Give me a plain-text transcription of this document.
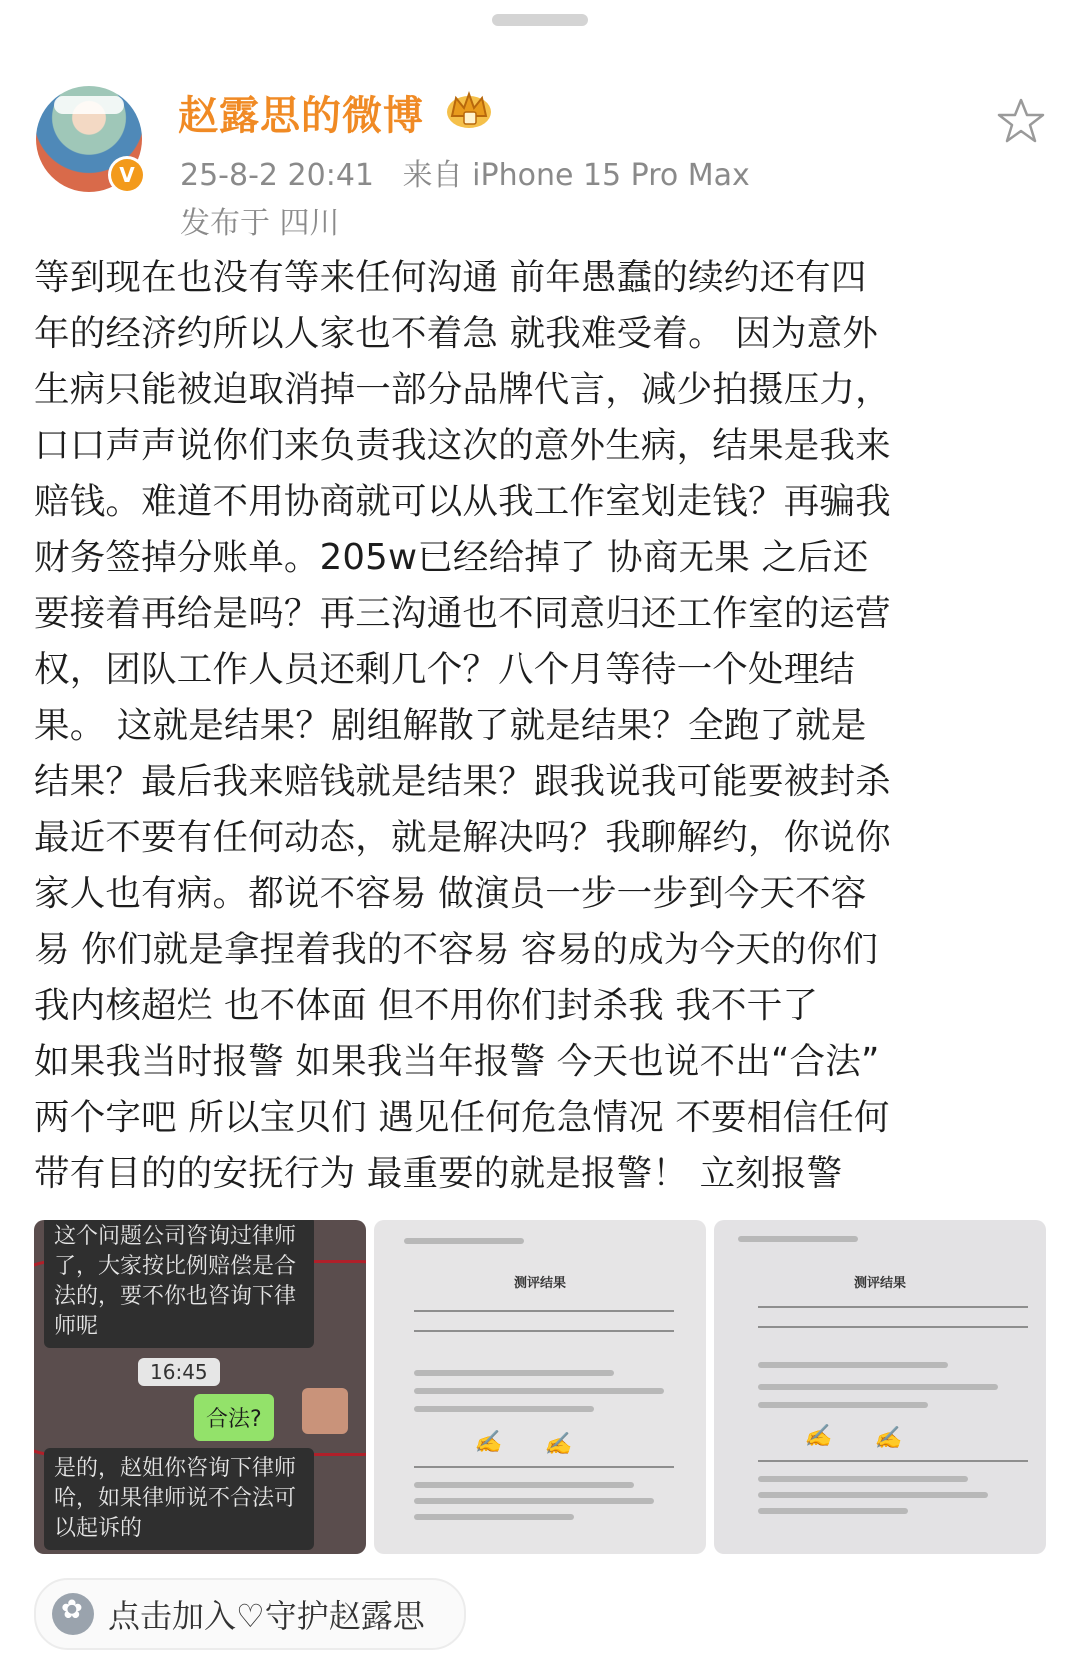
V
赵露思的微博
25-8-2 20:41 来自 iPhone 15 Pro Max
发布于 四川
等到现在也没有等来任何沟通 前年愚蠢的续约还有四
年的经济约所以人家也不着急 就我难受着。 因为意外
生病只能被迫取消掉一部分品牌代言，减少拍摄压力，
口口声声说你们来负责我这次的意外生病，结果是我来
赔钱。难道不用协商就可以从我工作室划走钱？再骗我
财务签掉分账单。205w已经给掉了 协商无果 之后还
要接着再给是吗？再三沟通也不同意归还工作室的运营
权，团队工作人员还剩几个？八个月等待一个处理结
果。 这就是结果？剧组解散了就是结果？全跑了就是
结果？最后我来赔钱就是结果？跟我说我可能要被封杀
最近不要有任何动态，就是解决吗？我聊解约，你说你
家人也有病。都说不容易 做演员一步一步到今天不容
易 你们就是拿捏着我的不容易 容易的成为今天的你们
我内核超烂 也不体面 但不用你们封杀我 我不干了
如果我当时报警 如果我当年报警 今天也说不出“合法”
两个字吧 所以宝贝们 遇见任何危急情况 不要相信任何
带有目的的安抚行为 最重要的就是报警！ 立刻报警
这个问题公司咨询过律师了，大家按比例赔偿是合法的，要不你也咨询下律师呢
16:45
合法?
是的，赵姐你咨询下律师哈，如果律师说不合法可以起诉的
测评结果
✍ ✍
测评结果
✍ ✍
✿
点击加入♡守护赵露思
